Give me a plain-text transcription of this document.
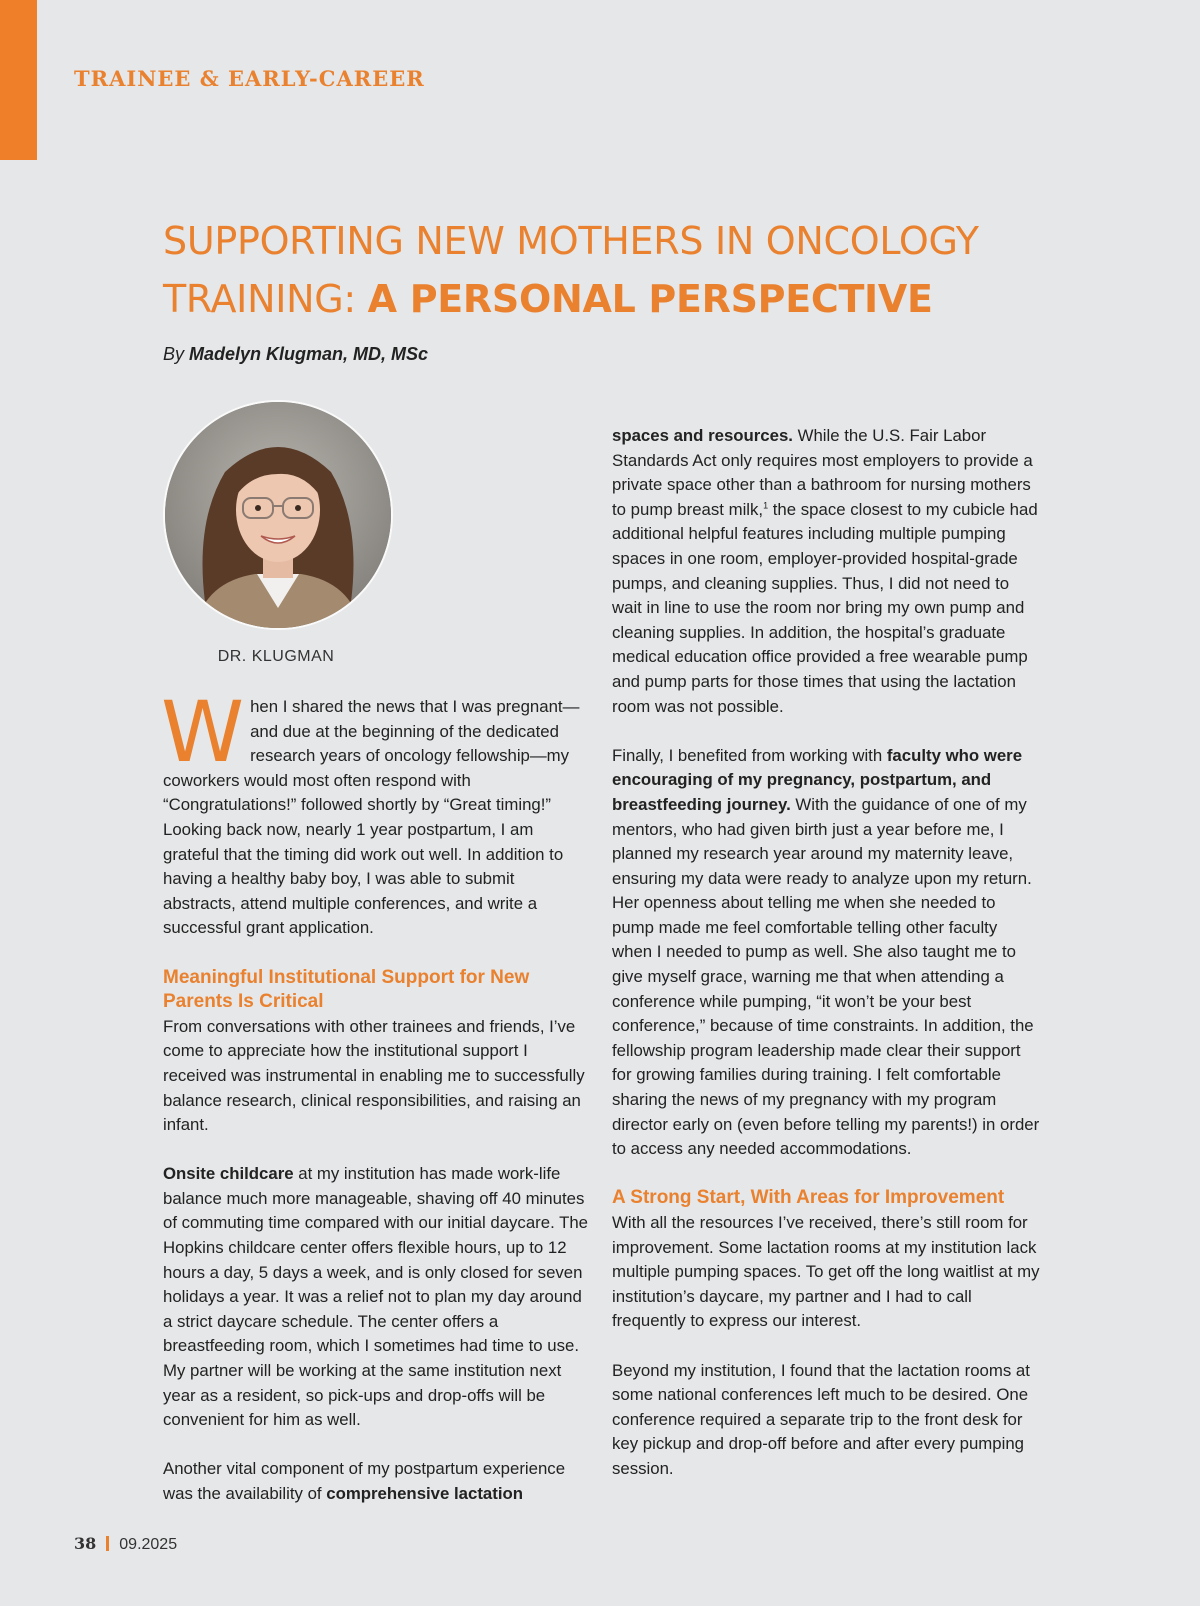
TRAINEE & EARLY-CAREER
SUPPORTING NEW MOTHERS IN ONCOLOGY
TRAINING: A PERSONAL PERSPECTIVE
By Madelyn Klugman, MD, MSc
DR. KLUGMAN

When I shared the news that I was pregnant—and due at the beginning of the dedicated research years of oncology fellowship—my coworkers would most often respond with “Congratulations!” followed shortly by “Great timing!” Looking back now, nearly 1 year postpartum, I am grateful that the timing did work out well. In addition to having a healthy baby boy, I was able to submit abstracts, attend multiple conferences, and write a successful grant application.

Meaningful Institutional Support for New Parents Is Critical

From conversations with other trainees and friends, I’ve come to appreciate how the institutional support I received was instrumental in enabling me to successfully balance research, clinical responsibilities, and raising an infant.

Onsite childcare at my institution has made work-life balance much more manageable, shaving off 40 minutes of commuting time compared with our initial daycare. The Hopkins childcare center offers flexible hours, up to 12 hours a day, 5 days a week, and is only closed for seven holidays a year. It was a relief not to plan my day around a strict daycare schedule. The center offers a breastfeeding room, which I sometimes had time to use. My partner will be working at the same institution next year as a resident, so pick-ups and drop-offs will be convenient for him as well.

Another vital component of my postpartum experience was the availability of comprehensive lactation

spaces and resources. While the U.S. Fair Labor Standards Act only requires most employers to provide a private space other than a bathroom for nursing mothers to pump breast milk,$^1$ the space closest to my cubicle had additional helpful features including multiple pumping spaces in one room, employer-provided hospital-grade pumps, and cleaning supplies. Thus, I did not need to wait in line to use the room nor bring my own pump and cleaning supplies. In addition, the hospital’s graduate medical education office provided a free wearable pump and pump parts for those times that using the lactation room was not possible.

Finally, I benefited from working with faculty who were encouraging of my pregnancy, postpartum, and breastfeeding journey. With the guidance of one of my mentors, who had given birth just a year before me, I planned my research year around my maternity leave, ensuring my data were ready to analyze upon my return. Her openness about telling me when she needed to pump made me feel comfortable telling other faculty when I needed to pump as well. She also taught me to give myself grace, warning me that when attending a conference while pumping, “it won’t be your best conference,” because of time constraints. In addition, the fellowship program leadership made clear their support for growing families during training. I felt comfortable sharing the news of my pregnancy with my program director early on (even before telling my parents!) in order to access any needed accommodations.

A Strong Start, With Areas for Improvement

With all the resources I’ve received, there’s still room for improvement. Some lactation rooms at my institution lack multiple pumping spaces. To get off the long waitlist at my institution’s daycare, my partner and I had to call frequently to express our interest.

Beyond my institution, I found that the lactation rooms at some national conferences left much to be desired. One conference required a separate trip to the front desk for key pickup and drop-off before and after every pumping session.

38 09.2025
